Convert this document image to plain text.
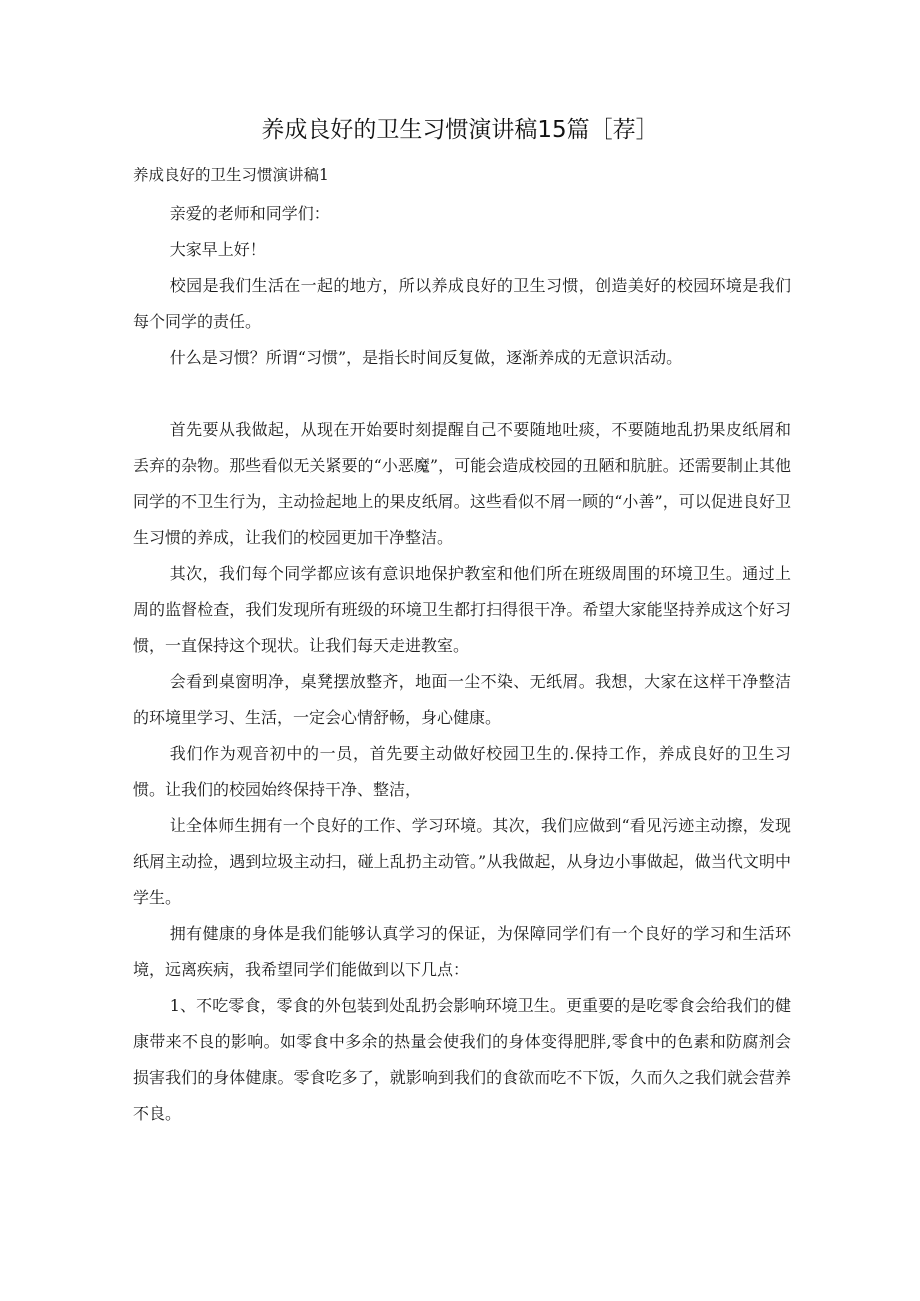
养成良好的卫生习惯演讲稿15篇［荐］
养成良好的卫生习惯演讲稿1

亲爱的老师和同学们：

大家早上好！

校园是我们生活在一起的地方，所以养成良好的卫生习惯，创造美好的校园环境是我们每个同学的责任。

什么是习惯？所谓“习惯”，是指长时间反复做，逐渐养成的无意识活动。

首先要从我做起，从现在开始要时刻提醒自己不要随地吐痰，不要随地乱扔果皮纸屑和丢弃的杂物。那些看似无关紧要的“小恶魔”，可能会造成校园的丑陋和肮脏。还需要制止其他同学的不卫生行为，主动捡起地上的果皮纸屑。这些看似不屑一顾的“小善”，可以促进良好卫生习惯的养成，让我们的校园更加干净整洁。

其次，我们每个同学都应该有意识地保护教室和他们所在班级周围的环境卫生。通过上周的监督检查，我们发现所有班级的环境卫生都打扫得很干净。希望大家能坚持养成这个好习惯，一直保持这个现状。让我们每天走进教室。

会看到桌窗明净，桌凳摆放整齐，地面一尘不染、无纸屑。我想，大家在这样干净整洁的环境里学习、生活，一定会心情舒畅，身心健康。

我们作为观音初中的一员，首先要主动做好校园卫生的.保持工作，养成良好的卫生习惯。让我们的校园始终保持干净、整洁，

让全体师生拥有一个良好的工作、学习环境。其次，我们应做到“看见污迹主动擦，发现纸屑主动捡，遇到垃圾主动扫，碰上乱扔主动管。”从我做起，从身边小事做起，做当代文明中学生。

拥有健康的身体是我们能够认真学习的保证，为保障同学们有一个良好的学习和生活环境，远离疾病，我希望同学们能做到以下几点：

1、不吃零食，零食的外包装到处乱扔会影响环境卫生。更重要的是吃零食会给我们的健康带来不良的影响。如零食中多余的热量会使我们的身体变得肥胖,零食中的色素和防腐剂会损害我们的身体健康。零食吃多了，就影响到我们的食欲而吃不下饭，久而久之我们就会营养不良。
